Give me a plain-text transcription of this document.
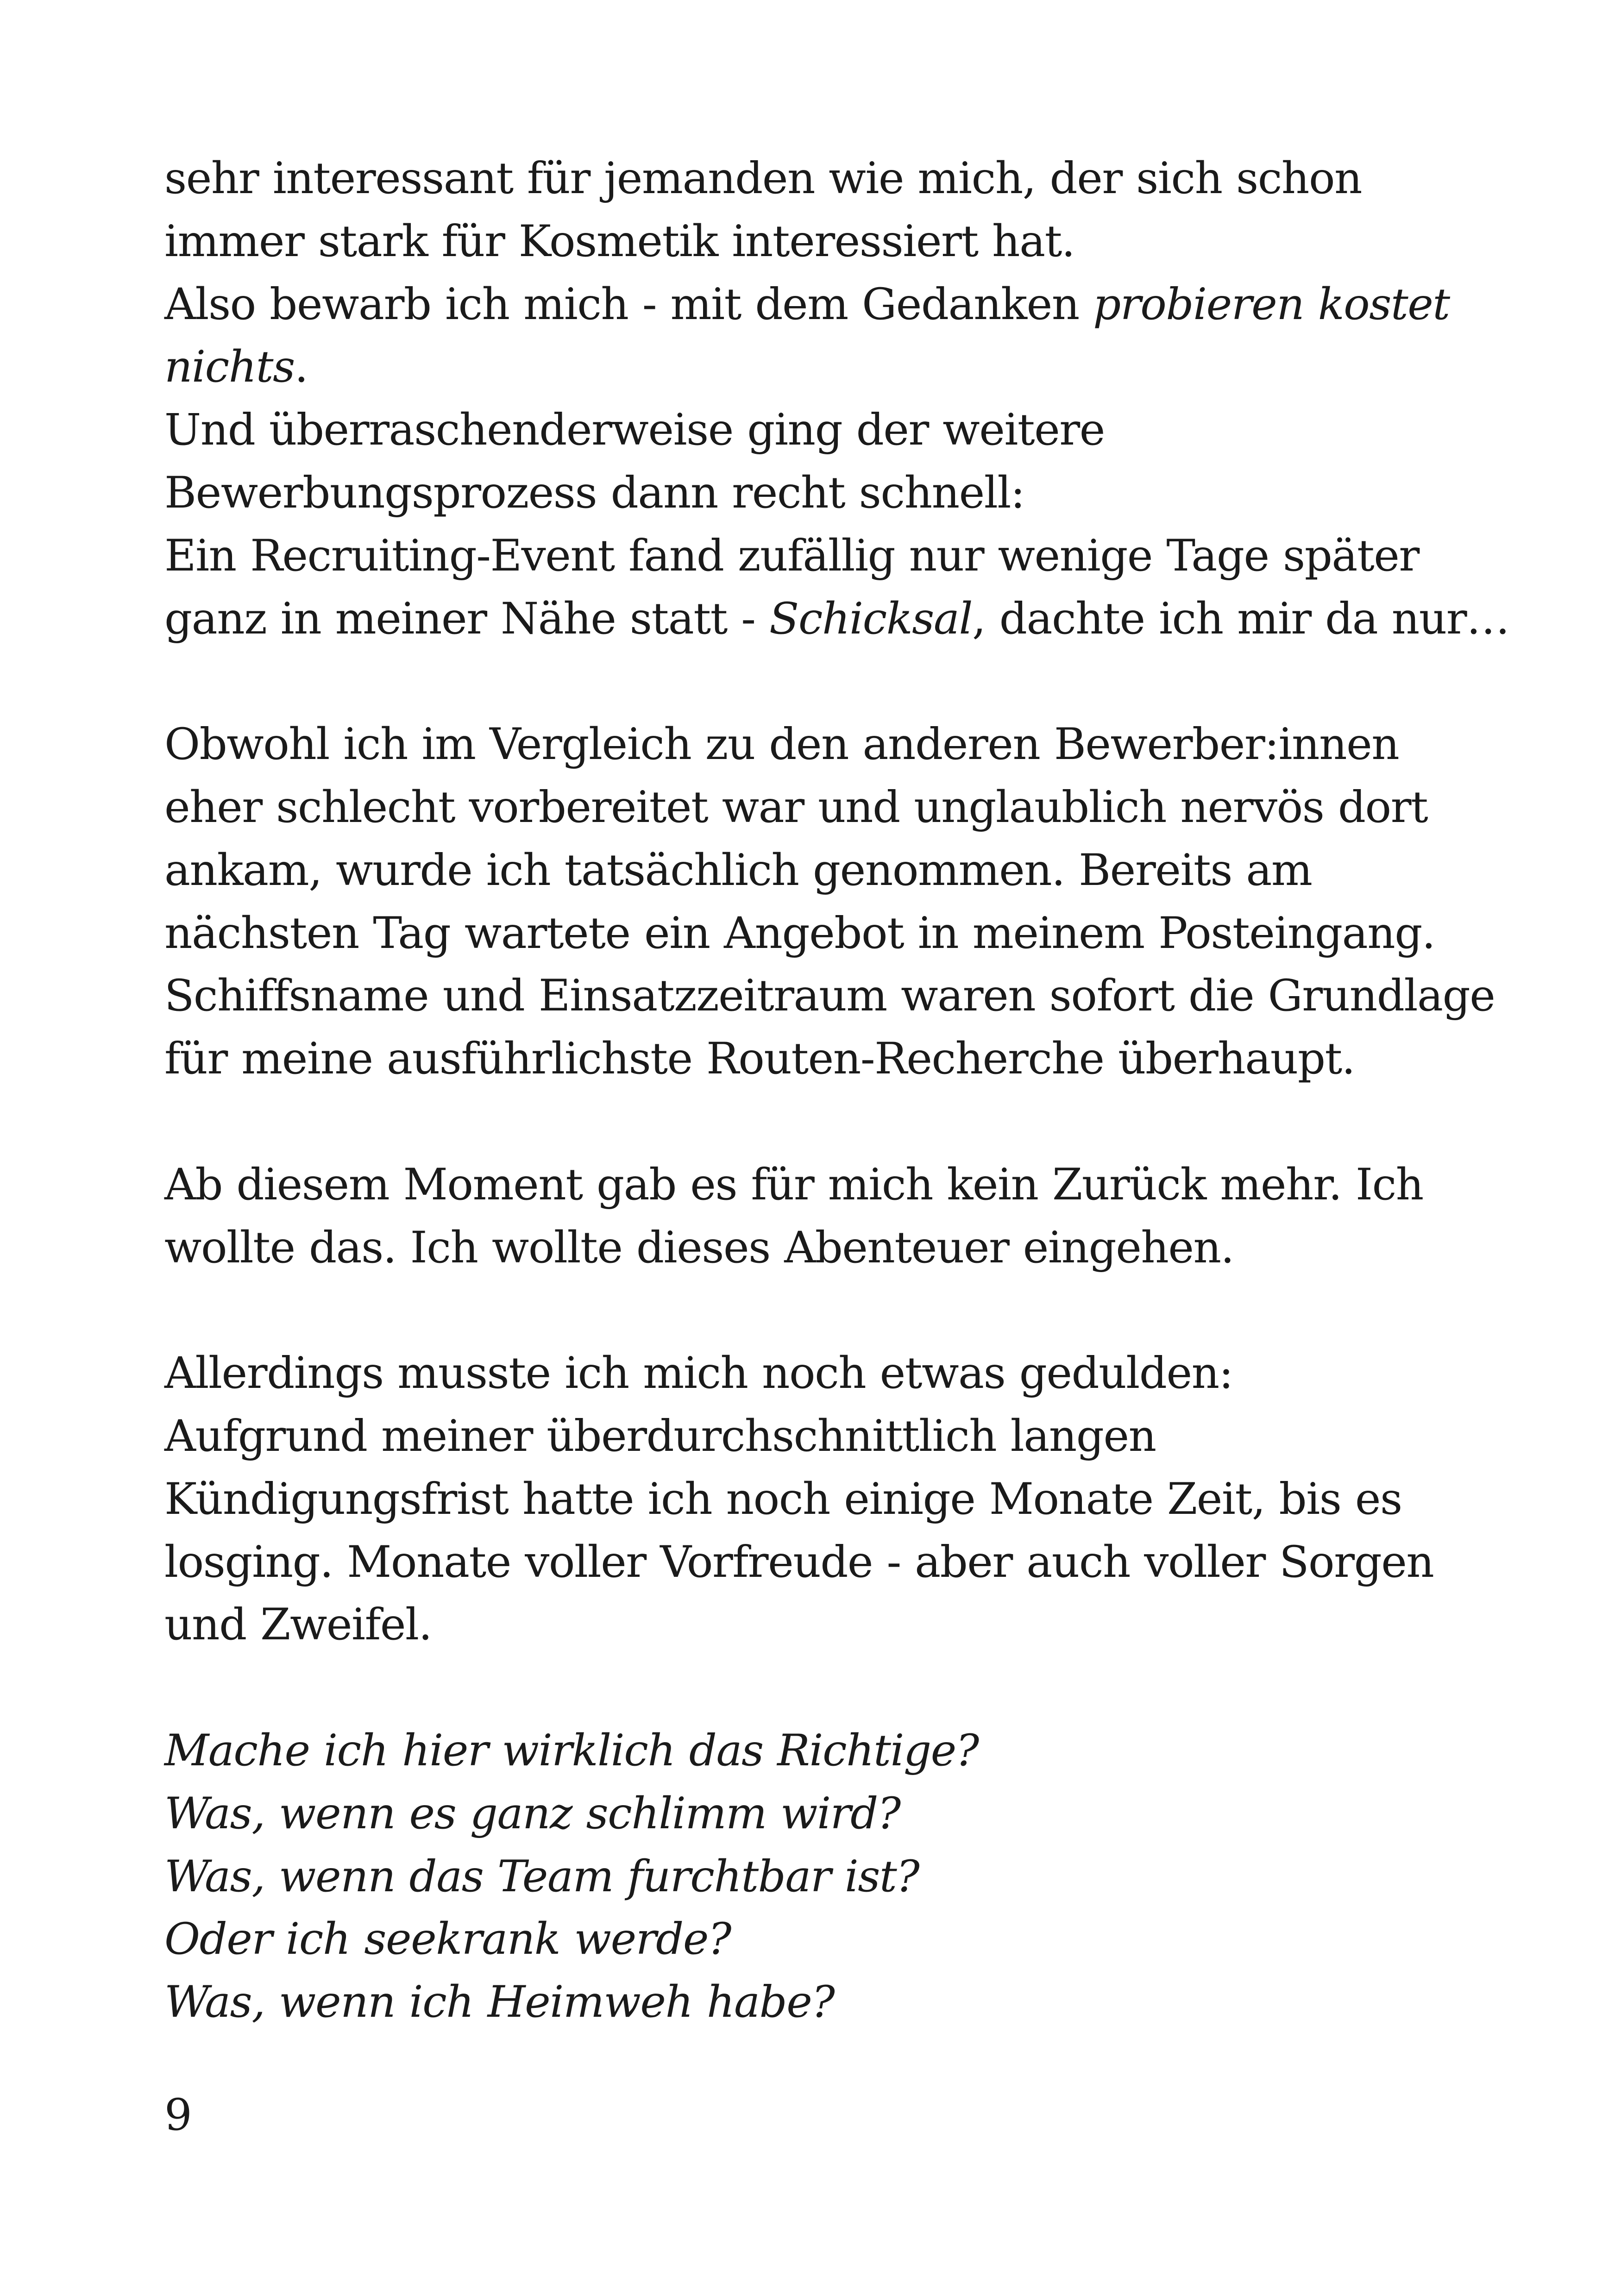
sehr interessant für jemanden wie mich, der sich schon
immer stark für Kosmetik interessiert hat.
Also bewarb ich mich - mit dem Gedanken probieren kostet
nichts.
Und überraschenderweise ging der weitere
Bewerbungsprozess dann recht schnell:
Ein Recruiting-Event fand zufällig nur wenige Tage später
ganz in meiner Nähe statt - Schicksal, dachte ich mir da nur…
Obwohl ich im Vergleich zu den anderen Bewerber:innen
eher schlecht vorbereitet war und unglaublich nervös dort
ankam, wurde ich tatsächlich genommen. Bereits am
nächsten Tag wartete ein Angebot in meinem Posteingang.
Schiffsname und Einsatzzeitraum waren sofort die Grundlage
für meine ausführlichste Routen-Recherche überhaupt.
Ab diesem Moment gab es für mich kein Zurück mehr. Ich
wollte das. Ich wollte dieses Abenteuer eingehen.
Allerdings musste ich mich noch etwas gedulden:
Aufgrund meiner überdurchschnittlich langen
Kündigungsfrist hatte ich noch einige Monate Zeit, bis es
losging. Monate voller Vorfreude - aber auch voller Sorgen
und Zweifel.
Mache ich hier wirklich das Richtige?
Was, wenn es ganz schlimm wird?
Was, wenn das Team furchtbar ist?
Oder ich seekrank werde?
Was, wenn ich Heimweh habe?
9
